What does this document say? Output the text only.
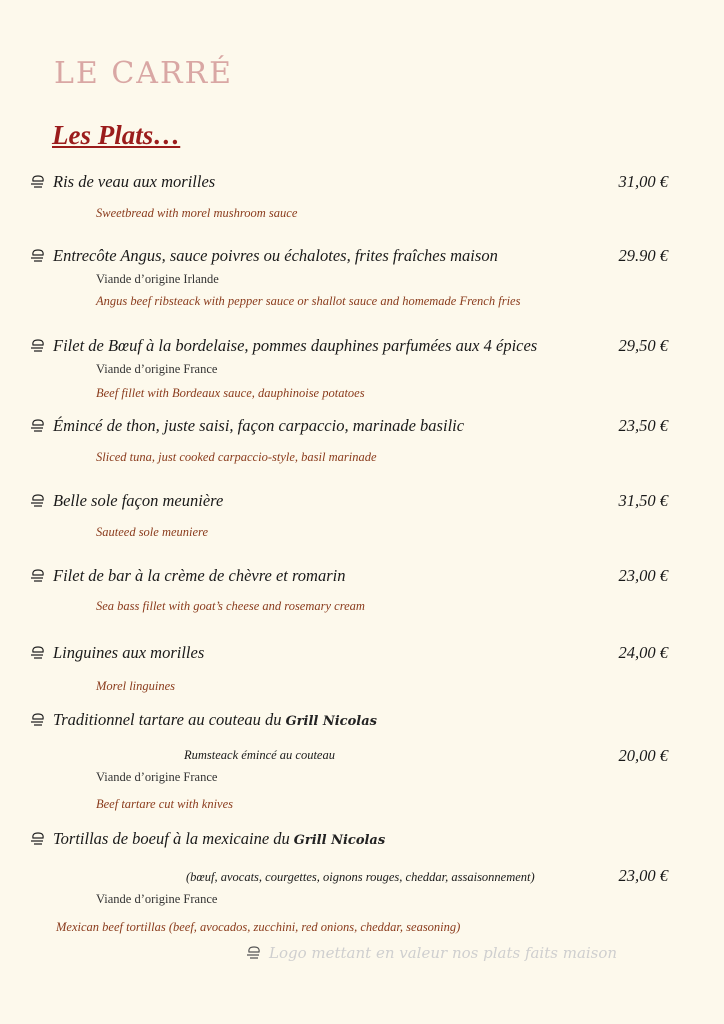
LE CARRÉ
Les Plats…
Ris de veau aux morilles	31,00 €
Sweetbread with morel mushroom sauce
Entrecôte Angus, sauce poivres ou échalotes, frites fraîches maison	29.90 €
Viande d’origine Irlande
Angus beef ribsteack with pepper sauce or shallot sauce and homemade French fries
Filet de Bœuf à la bordelaise, pommes dauphines parfumées aux 4 épices	29,50 €
Viande d’origine France
Beef fillet with Bordeaux sauce, dauphinoise potatoes
Émincé de thon, juste saisi, façon carpaccio, marinade basilic	23,50 €
Sliced tuna, just cooked carpaccio-style, basil marinade
Belle sole façon meunière	31,50 €
Sauteed sole meuniere
Filet de bar à la crème de chèvre et romarin	23,00 €
Sea bass fillet with goat’s cheese and rosemary cream
Linguines aux morilles	24,00 €
Morel linguines
Traditionnel tartare au couteau du Grill Nicolas
Rumsteack émincé au couteau	20,00 €
Viande d’origine France
Beef tartare cut with knives
Tortillas de boeuf à la mexicaine du Grill Nicolas
(bœuf, avocats, courgettes, oignons rouges, cheddar, assaisonnement)	23,00 €
Viande d’origine France
Mexican beef tortillas (beef, avocados, zucchini, red onions, cheddar, seasoning)
Logo mettant en valeur nos plats faits maison
